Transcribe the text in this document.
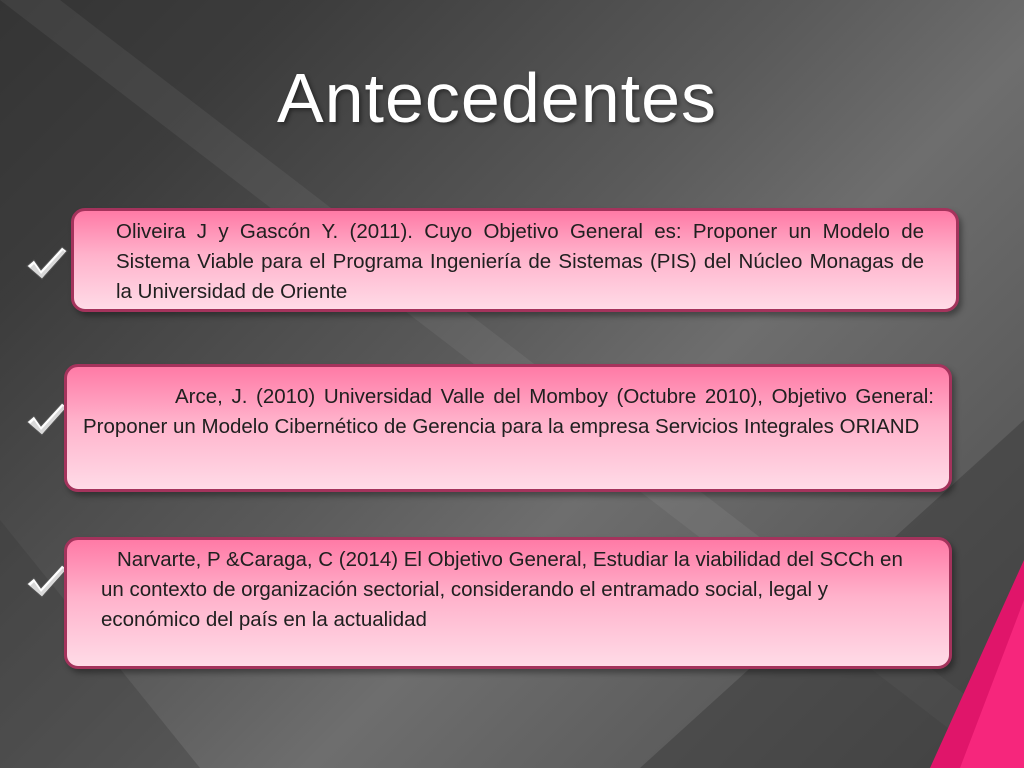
Antecedentes
Oliveira J y Gascón Y. (2011). Cuyo Objetivo General es: Proponer un Modelo de Sistema Viable para el Programa Ingeniería de Sistemas (PIS) del Núcleo Monagas de la Universidad de Oriente
Arce, J. (2010) Universidad Valle del Momboy (Octubre 2010), Objetivo General: Proponer un Modelo Cibernético de Gerencia para la empresa Servicios Integrales ORIAND
Narvarte, P &Caraga, C (2014) El Objetivo General, Estudiar la viabilidad del SCCh en un contexto de organización sectorial, considerando el entramado social, legal y económico del país en la actualidad
